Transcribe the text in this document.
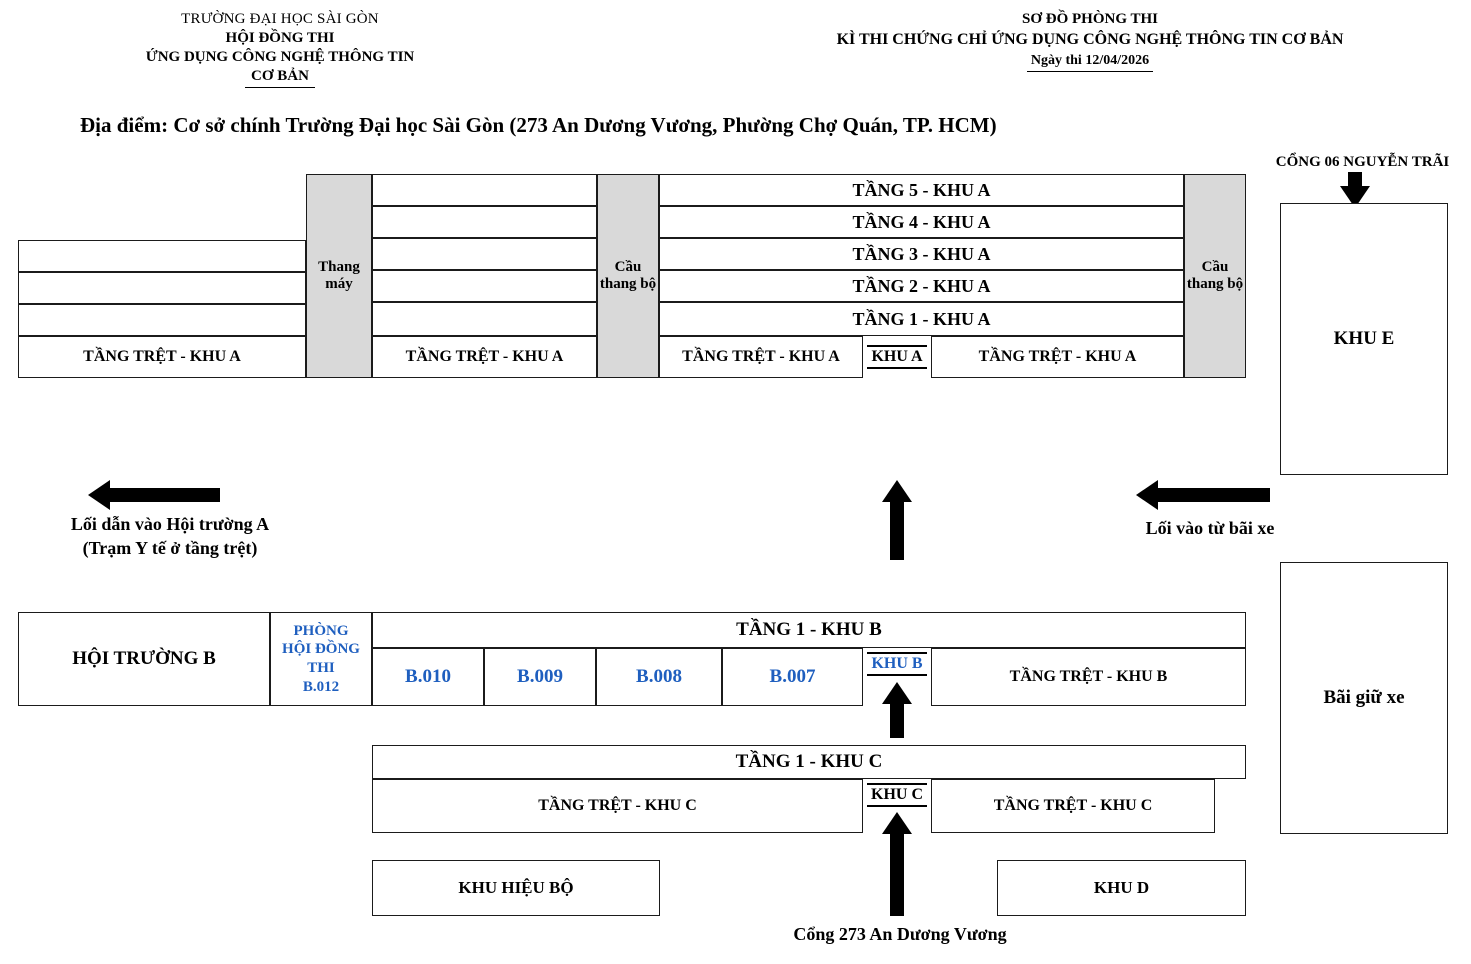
TRƯỜNG ĐẠI HỌC SÀI GÒN
HỘI ĐỒNG THI
ỨNG DỤNG CÔNG NGHỆ THÔNG TIN
CƠ BẢN
SƠ ĐỒ PHÒNG THI
KÌ THI CHỨNG CHỈ ỨNG DỤNG CÔNG NGHỆ THÔNG TIN CƠ BẢN
Ngày thi 12/04/2026
Địa điểm: Cơ sở chính Trường Đại học Sài Gòn (273 An Dương Vương, Phường Chợ Quán, TP. HCM)
CỔNG 06 NGUYỄN TRÃI
TẦNG TRỆT - KHU A
Thang máy
TẦNG TRỆT - KHU A
Cầu thang bộ
TẦNG 5 - KHU A
TẦNG 4 - KHU A
TẦNG 3 - KHU A
TẦNG 2 - KHU A
TẦNG 1 - KHU A
TẦNG TRỆT - KHU A	KHU A	TẦNG TRỆT - KHU A
Cầu thang bộ
KHU E
Lối dẫn vào Hội trường A
(Trạm Y tế ở tầng trệt)
Lối vào từ bãi xe
HỘI TRƯỜNG B
PHÒNG
HỘI ĐỒNG
THI
B.012
TẦNG 1 - KHU B
B.010	B.009	B.008	B.007
KHU B
TẦNG TRỆT - KHU B
Bãi giữ xe
TẦNG 1 - KHU C
TẦNG TRỆT - KHU C
KHU C
TẦNG TRỆT - KHU C
KHU HIỆU BỘ	KHU D
Cổng 273 An Dương Vương
